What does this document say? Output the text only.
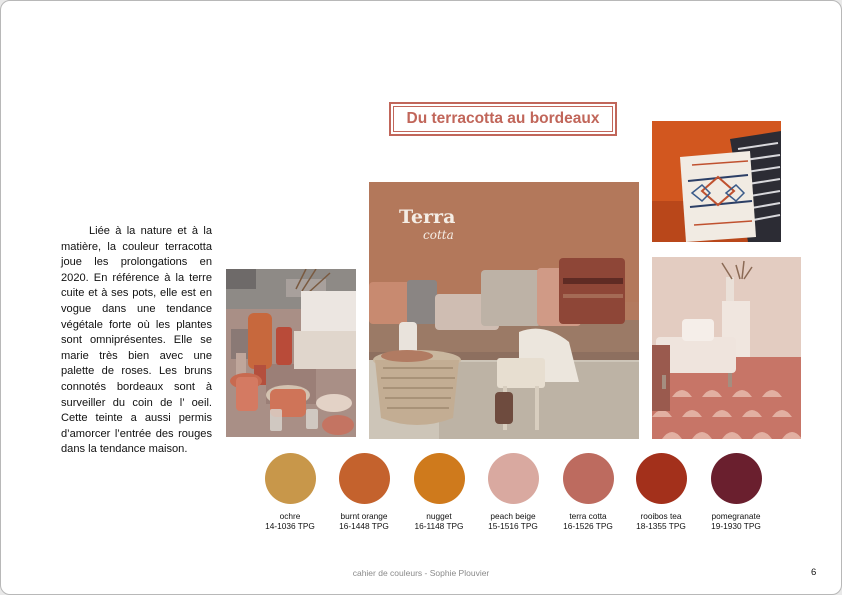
Du terracotta au bordeaux

Liée à la nature et à la matière, la couleur terracotta joue les prolongations en 2020. En référence à la terre cuite et à ses pots, elle est en vogue dans une tendance végétale forte où les plantes sont omniprésentes. Elle se marie très bien avec une palette de roses. Les bruns connotés bordeaux sont à surveiller du coin de l’ oeil. Cette teinte a aussi permis d’amorcer l’entrée des rouges dans la tendance maison.

Terra
cotta
ochre
14-1036 TPG
burnt orange
16-1448 TPG
nugget
16-1148 TPG
peach beige
15-1516 TPG
terra cotta
16-1526 TPG
rooibos tea
18-1355 TPG
pomegranate
19-1930 TPG
cahier de couleurs - Sophie Plouvier	6
